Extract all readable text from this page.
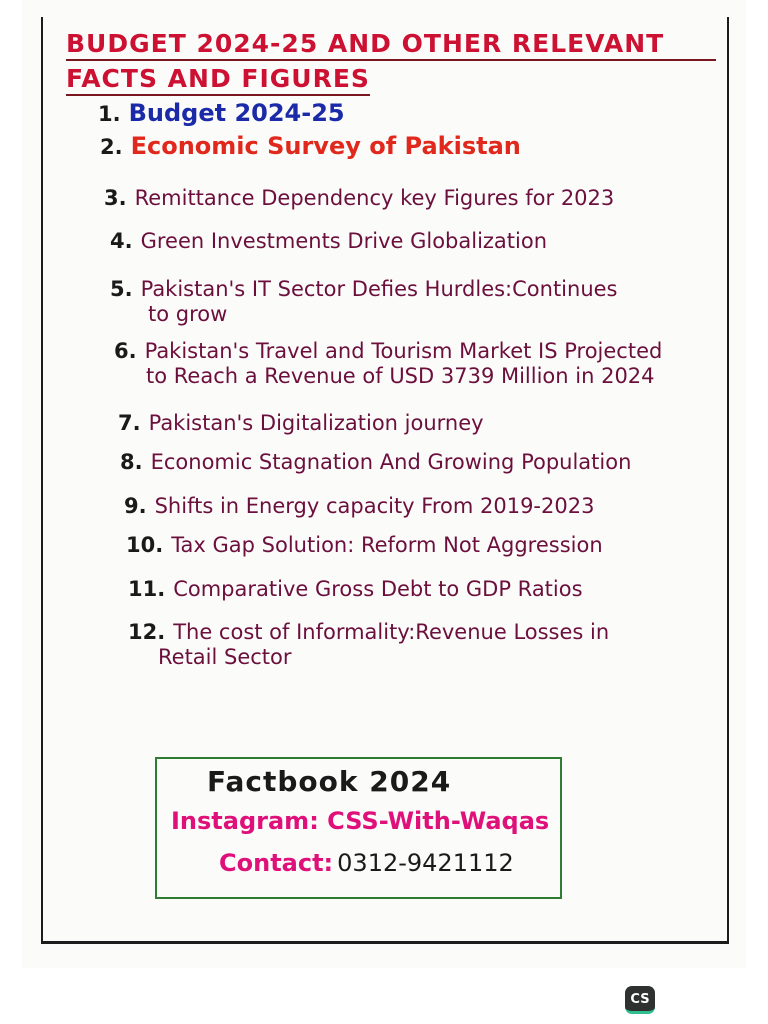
BUDGET 2024-25 AND OTHER RELEVANT
FACTS AND FIGURES
1. Budget 2024-25
2. Economic Survey of Pakistan
3. Remittance Dependency key Figures for 2023
4. Green Investments Drive Globalization
5. Pakistan's IT Sector Defies Hurdles:Continues
to grow
6. Pakistan's Travel and Tourism Market IS Projected
to Reach a Revenue of USD 3739 Million in 2024
7. Pakistan's Digitalization journey
8. Economic Stagnation And Growing Population
9. Shifts in Energy capacity From 2019-2023
10. Tax Gap Solution: Reform Not Aggression
11. Comparative Gross Debt to GDP Ratios
12. The cost of Informality:Revenue Losses in
Retail Sector
Factbook 2024
Instagram: CSS-With-Waqas
Contact: 0312-9421112
CS
